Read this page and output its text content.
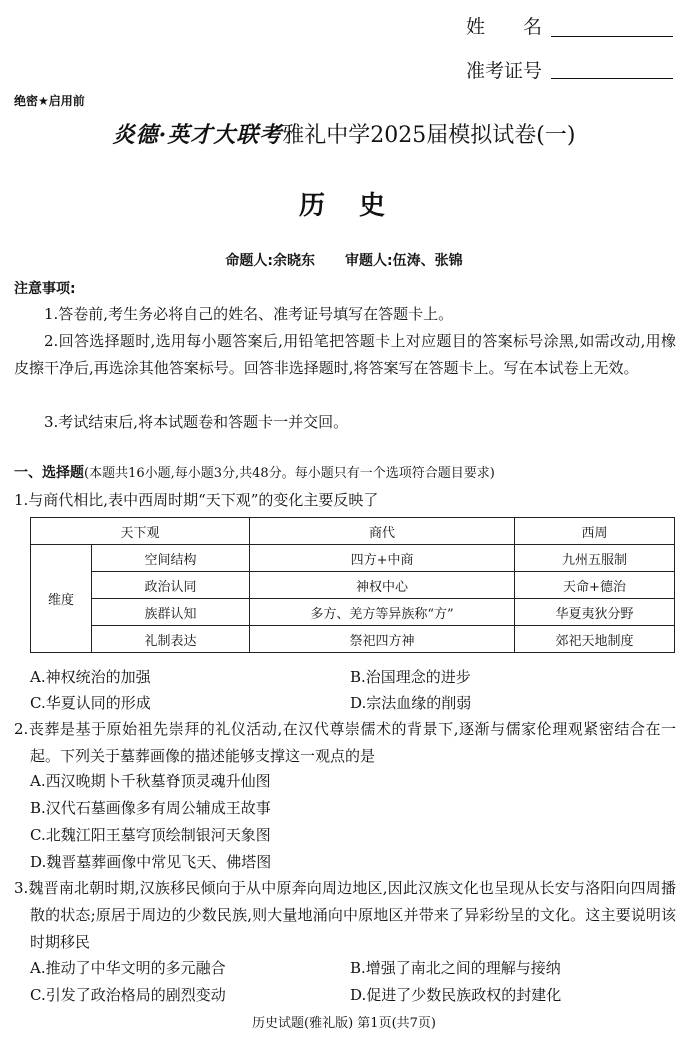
姓　　名
准考证号
绝密★启用前
炎德·英才大联考雅礼中学2025届模拟试卷(一)
历史
命题人:余晓东 审题人:伍涛、张锦
注意事项:
1.答卷前,考生务必将自己的姓名、准考证号填写在答题卡上。
2.回答选择题时,选用每小题答案后,用铅笔把答题卡上对应题目的答案标号涂黑,如需改动,用橡皮擦干净后,再选涂其他答案标号。回答非选择题时,将答案写在答题卡上。写在本试卷上无效。
3.考试结束后,将本试题卷和答题卡一并交回。
一、选择题(本题共16小题,每小题3分,共48分。每小题只有一个选项符合题目要求)
1.与商代相比,表中西周时期“天下观”的变化主要反映了
天下观		商代	西周
维度	空间结构	四方+中商	九州五服制
	政治认同	神权中心	天命+德治
	族群认知	多方、羌方等异族称“方”	华夏夷狄分野
	礼制表达	祭祀四方神	郊祀天地制度
A.神权统治的加强	B.治国理念的进步
C.华夏认同的形成	D.宗法血缘的削弱
2.丧葬是基于原始祖先崇拜的礼仪活动,在汉代尊崇儒术的背景下,逐渐与儒家伦理观紧密结合在一起。下列关于墓葬画像的描述能够支撑这一观点的是
A.西汉晚期卜千秋墓脊顶灵魂升仙图
B.汉代石墓画像多有周公辅成王故事
C.北魏江阳王墓穹顶绘制银河天象图
D.魏晋墓葬画像中常见飞天、佛塔图
3.魏晋南北朝时期,汉族移民倾向于从中原奔向周边地区,因此汉族文化也呈现从长安与洛阳向四周播散的状态;原居于周边的少数民族,则大量地涌向中原地区并带来了异彩纷呈的文化。这主要说明该时期移民
A.推动了中华文明的多元融合	B.增强了南北之间的理解与接纳
C.引发了政治格局的剧烈变动	D.促进了少数民族政权的封建化
历史试题(雅礼版) 第1页(共7页)
